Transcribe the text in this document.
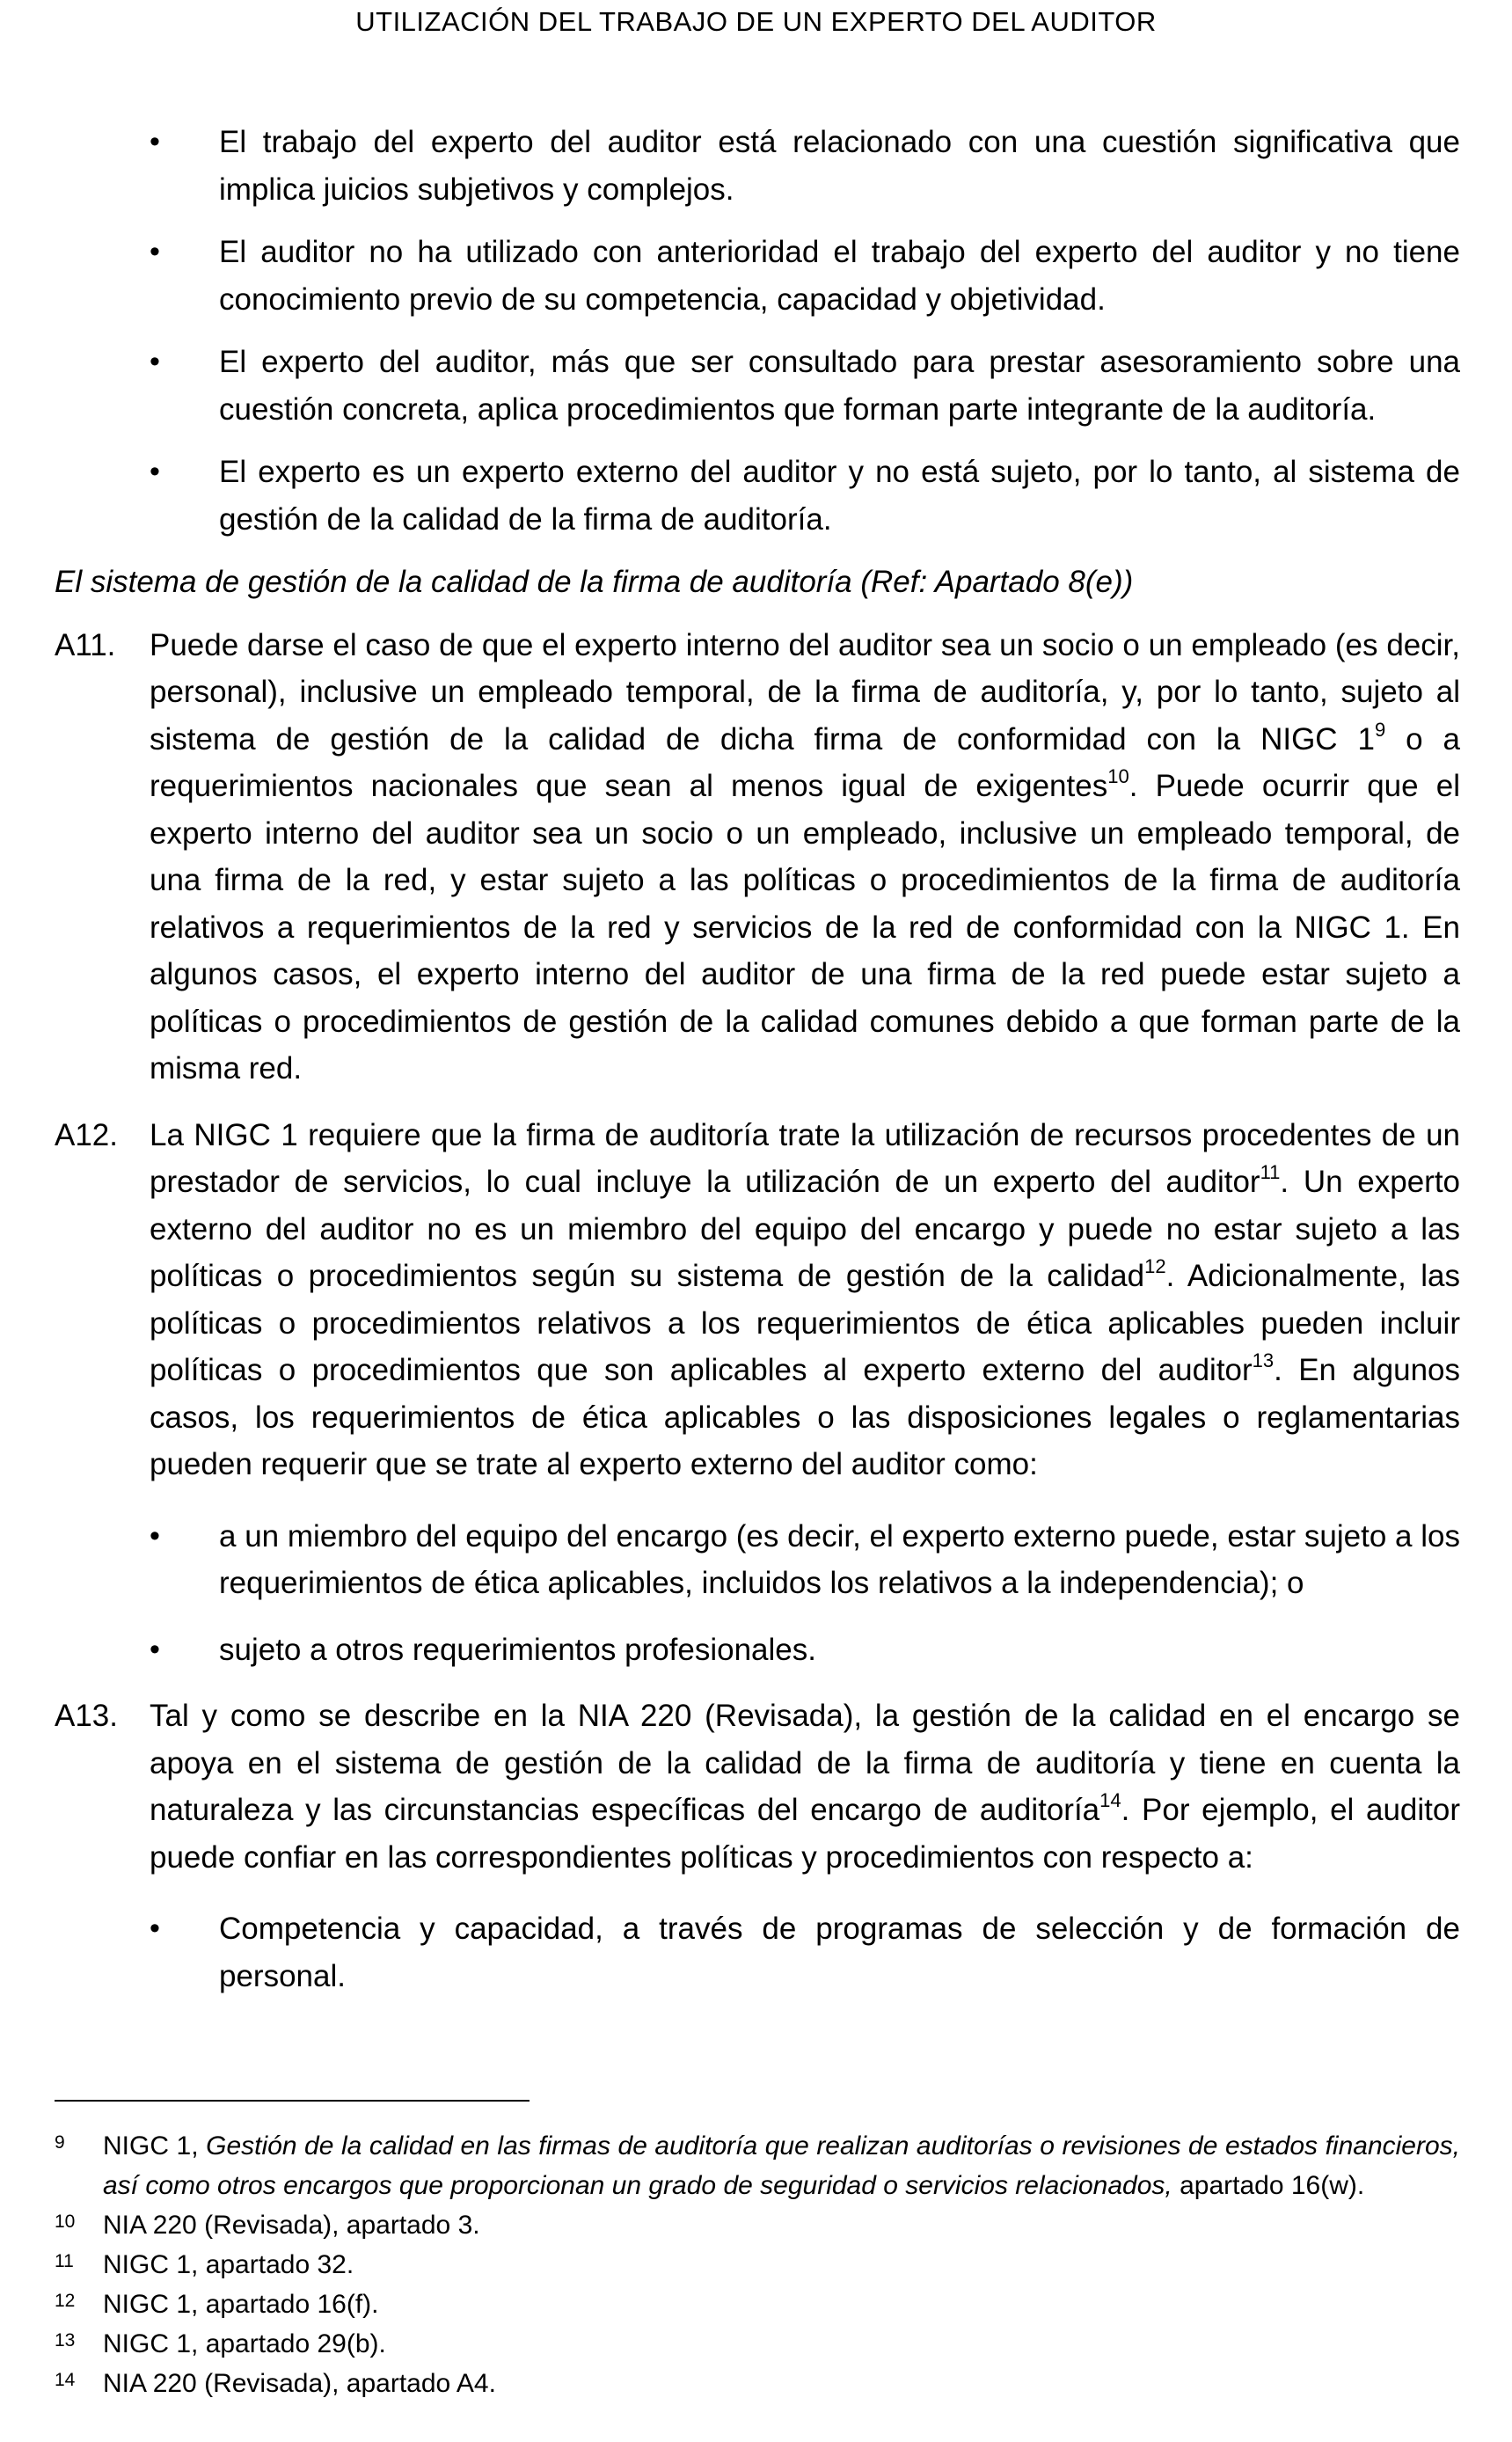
UTILIZACIÓN DEL TRABAJO DE UN EXPERTO DEL AUDITOR
• El trabajo del experto del auditor está relacionado con una cuestión significativa que implica juicios subjetivos y complejos.
• El auditor no ha utilizado con anterioridad el trabajo del experto del auditor y no tiene conocimiento previo de su competencia, capacidad y objetividad.
• El experto del auditor, más que ser consultado para prestar asesoramiento sobre una cuestión concreta, aplica procedimientos que forman parte integrante de la auditoría.
• El experto es un experto externo del auditor y no está sujeto, por lo tanto, al sistema de gestión de la calidad de la firma de auditoría.
El sistema de gestión de la calidad de la firma de auditoría (Ref: Apartado 8(e))
A11. Puede darse el caso de que el experto interno del auditor sea un socio o un empleado (es decir, personal), inclusive un empleado temporal, de la firma de auditoría, y, por lo tanto, sujeto al sistema de gestión de la calidad de dicha firma de conformidad con la NIGC $1^9$ o a requerimientos nacionales que sean al menos igual de exigentes$^{10}$. Puede ocurrir que el experto interno del auditor sea un socio o un empleado, inclusive un empleado temporal, de una firma de la red, y estar sujeto a las políticas o procedimientos de la firma de auditoría relativos a requerimientos de la red y servicios de la red de conformidad con la NIGC 1. En algunos casos, el experto interno del auditor de una firma de la red puede estar sujeto a políticas o procedimientos de gestión de la calidad comunes debido a que forman parte de la misma red.
A12. La NIGC 1 requiere que la firma de auditoría trate la utilización de recursos procedentes de un prestador de servicios, lo cual incluye la utilización de un experto del auditor$^{11}$. Un experto externo del auditor no es un miembro del equipo del encargo y puede no estar sujeto a las políticas o procedimientos según su sistema de gestión de la calidad$^{12}$. Adicionalmente, las políticas o procedimientos relativos a los requerimientos de ética aplicables pueden incluir políticas o procedimientos que son aplicables al experto externo del auditor$^{13}$. En algunos casos, los requerimientos de ética aplicables o las disposiciones legales o reglamentarias pueden requerir que se trate al experto externo del auditor como:
• a un miembro del equipo del encargo (es decir, el experto externo puede, estar sujeto a los requerimientos de ética aplicables, incluidos los relativos a la independencia); o
• sujeto a otros requerimientos profesionales.
A13. Tal y como se describe en la NIA 220 (Revisada), la gestión de la calidad en el encargo se apoya en el sistema de gestión de la calidad de la firma de auditoría y tiene en cuenta la naturaleza y las circunstancias específicas del encargo de auditoría$^{14}$. Por ejemplo, el auditor puede confiar en las correspondientes políticas y procedimientos con respecto a:
• Competencia y capacidad, a través de programas de selección y de formación de personal.
9 NIGC 1, Gestión de la calidad en las firmas de auditoría que realizan auditorías o revisiones de estados financieros, así como otros encargos que proporcionan un grado de seguridad o servicios relacionados, apartado 16(w).
10 NIA 220 (Revisada), apartado 3.
11 NIGC 1, apartado 32.
12 NIGC 1, apartado 16(f).
13 NIGC 1, apartado 29(b).
14 NIA 220 (Revisada), apartado A4.
